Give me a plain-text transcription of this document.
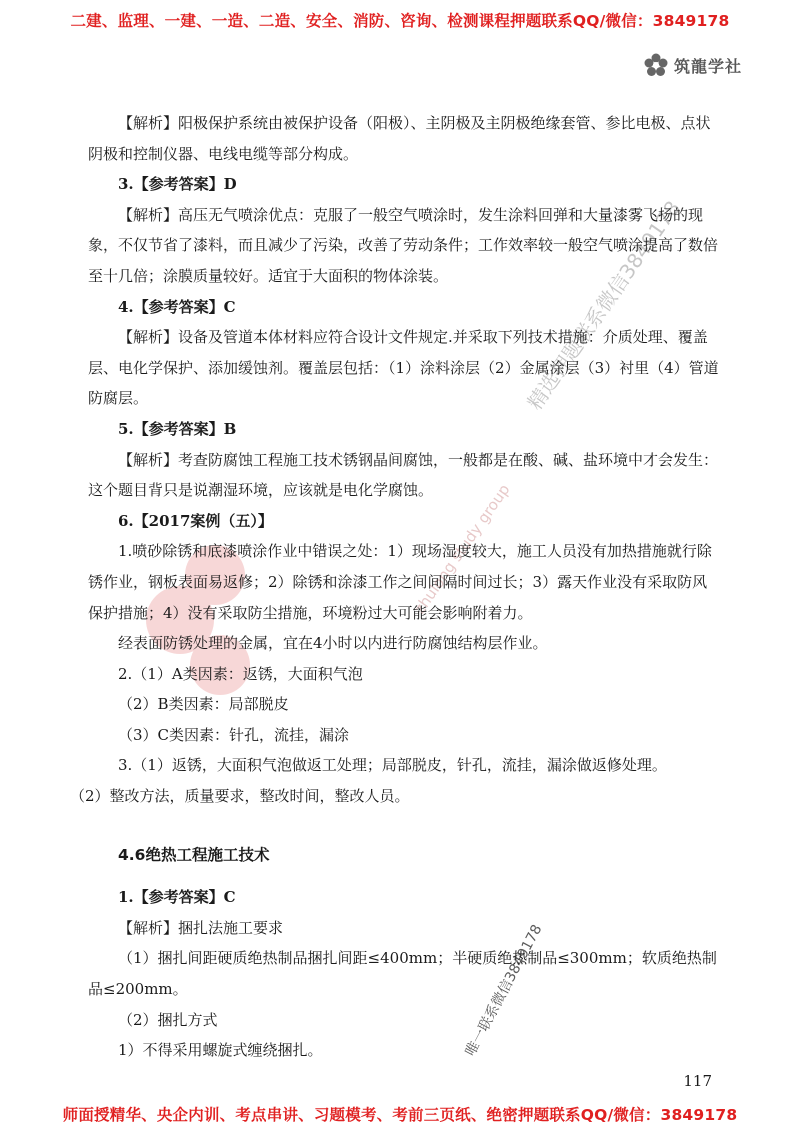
二建、监理、一建、一造、二造、安全、消防、咨询、检测课程押题联系QQ/微信：3849178
筑龍学社
zhulong study group
精选押题联系微信3849178

【解析】阳极保护系统由被保护设备（阳极）、主阴极及主阴极绝缘套管、参比电极、点状阴极和控制仪器、电线电缆等部分构成。

3.【参考答案】D

【解析】高压无气喷涂优点：克服了一般空气喷涂时，发生涂料回弹和大量漆雾飞扬的现象，不仅节省了漆料，而且减少了污染，改善了劳动条件；工作效率较一般空气喷涂提高了数倍至十几倍；涂膜质量较好。适宜于大面积的物体涂装。

4.【参考答案】C

【解析】设备及管道本体材料应符合设计文件规定.并采取下列技术措施：介质处理、覆盖层、电化学保护、添加缓蚀剂。覆盖层包括：（1）涂料涂层（2）金属涂层（3）衬里（4）管道防腐层。

5.【参考答案】B

【解析】考查防腐蚀工程施工技术锈钢晶间腐蚀，一般都是在酸、碱、盐环境中才会发生：这个题目背只是说潮湿环境，应该就是电化学腐蚀。

6.【2017案例（五）】

1.喷砂除锈和底漆喷涂作业中错误之处：1）现场湿度较大，施工人员没有加热措施就行除锈作业，钢板表面易返修；2）除锈和涂漆工作之间间隔时间过长；3）露天作业没有采取防风保护措施；4）没有采取防尘措施，环境粉过大可能会影响附着力。

经表面防锈处理的金属，宜在4小时以内进行防腐蚀结构层作业。

2.（1）A类因素：返锈，大面积气泡

（2）B类因素：局部脱皮

（3）C类因素：针孔，流挂，漏涂

3.（1）返锈，大面积气泡做返工处理；局部脱皮，针孔，流挂，漏涂做返修处理。

（2）整改方法，质量要求，整改时间，整改人员。

4.6绝热工程施工技术

1.【参考答案】C

【解析】捆扎法施工要求

（1）捆扎间距硬质绝热制品捆扎间距≤400mm；半硬质绝热制品≤300mm；软质绝热制品≤200mm。

（2）捆扎方式

1）不得采用螺旋式缠绕捆扎。	唯一联系微信3849178
117
师面授精华、央企内训、考点串讲、习题模考、考前三页纸、绝密押题联系QQ/微信：3849178
